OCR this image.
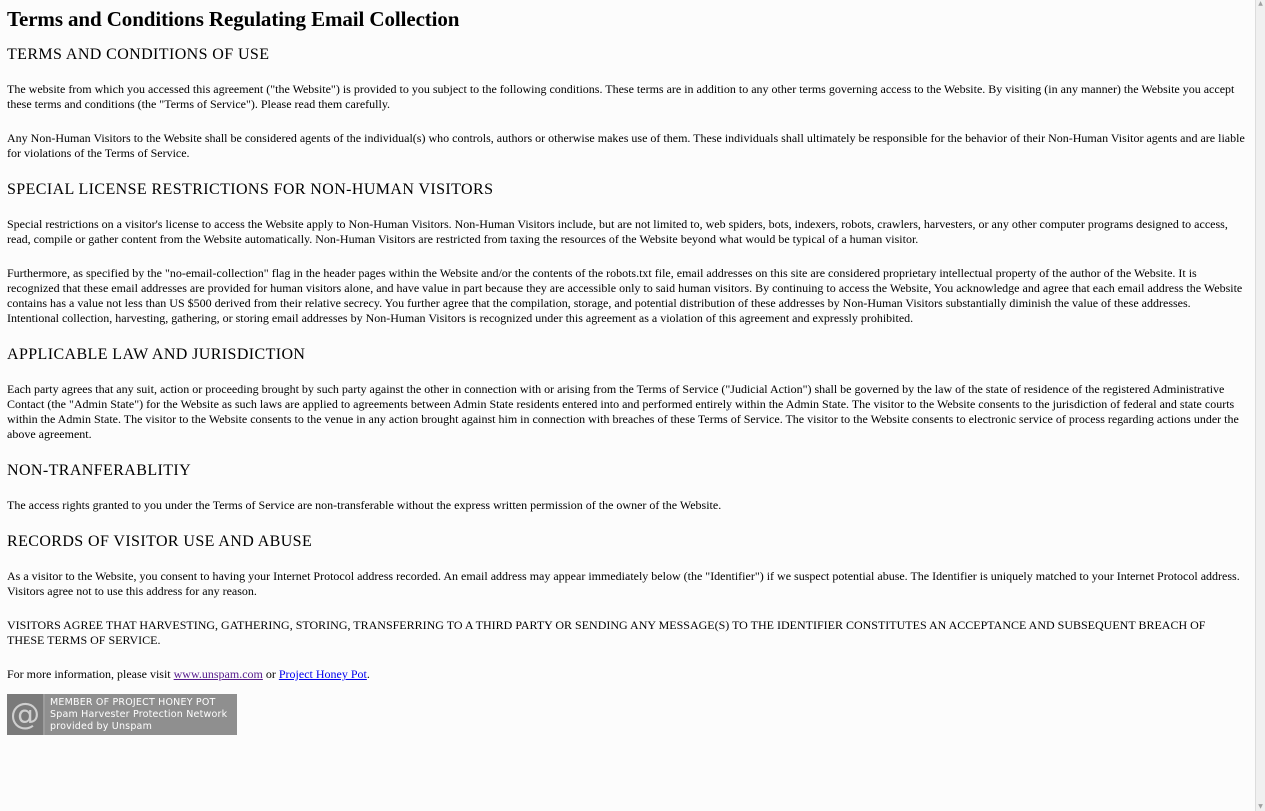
Terms and Conditions Regulating Email Collection
TERMS AND CONDITIONS OF USE

The website from which you accessed this agreement ("the Website") is provided to you subject to the following conditions. These terms are in addition to any other terms governing access to the Website. By visiting (in any manner) the Website you accept these terms and conditions (the "Terms of Service"). Please read them carefully.

Any Non-Human Visitors to the Website shall be considered agents of the individual(s) who controls, authors or otherwise makes use of them. These individuals shall ultimately be responsible for the behavior of their Non-Human Visitor agents and are liable for violations of the Terms of Service.

SPECIAL LICENSE RESTRICTIONS FOR NON-HUMAN VISITORS

Special restrictions on a visitor's license to access the Website apply to Non-Human Visitors. Non-Human Visitors include, but are not limited to, web spiders, bots, indexers, robots, crawlers, harvesters, or any other computer programs designed to access, read, compile or gather content from the Website automatically. Non-Human Visitors are restricted from taxing the resources of the Website beyond what would be typical of a human visitor.

Furthermore, as specified by the "no-email-collection" flag in the header pages within the Website and/or the contents of the robots.txt file, email addresses on this site are considered proprietary intellectual property of the author of the Website. It is recognized that these email addresses are provided for human visitors alone, and have value in part because they are accessible only to said human visitors. By continuing to access the Website, You acknowledge and agree that each email address the Website contains has a value not less than US $500 derived from their relative secrecy. You further agree that the compilation, storage, and potential distribution of these addresses by Non-Human Visitors substantially diminish the value of these addresses. Intentional collection, harvesting, gathering, or storing email addresses by Non-Human Visitors is recognized under this agreement as a violation of this agreement and expressly prohibited.

APPLICABLE LAW AND JURISDICTION

Each party agrees that any suit, action or proceeding brought by such party against the other in connection with or arising from the Terms of Service ("Judicial Action") shall be governed by the law of the state of residence of the registered Administrative Contact (the "Admin State") for the Website as such laws are applied to agreements between Admin State residents entered into and performed entirely within the Admin State. The visitor to the Website consents to the jurisdiction of federal and state courts within the Admin State. The visitor to the Website consents to the venue in any action brought against him in connection with breaches of these Terms of Service. The visitor to the Website consents to electronic service of process regarding actions under the above agreement.

NON-TRANFERABLITIY

The access rights granted to you under the Terms of Service are non-transferable without the express written permission of the owner of the Website.

RECORDS OF VISITOR USE AND ABUSE

As a visitor to the Website, you consent to having your Internet Protocol address recorded. An email address may appear immediately below (the "Identifier") if we suspect potential abuse. The Identifier is uniquely matched to your Internet Protocol address. Visitors agree not to use this address for any reason.

VISITORS AGREE THAT HARVESTING, GATHERING, STORING, TRANSFERRING TO A THIRD PARTY OR SENDING ANY MESSAGE(S) TO THE IDENTIFIER CONSTITUTES AN ACCEPTANCE AND SUBSEQUENT BREACH OF THESE TERMS OF SERVICE.

For more information, please visit www.unspam.com or Project Honey Pot.

@	MEMBER OF PROJECT HONEY POT
Spam Harvester Protection Network
provided by Unspam
▲
▼
